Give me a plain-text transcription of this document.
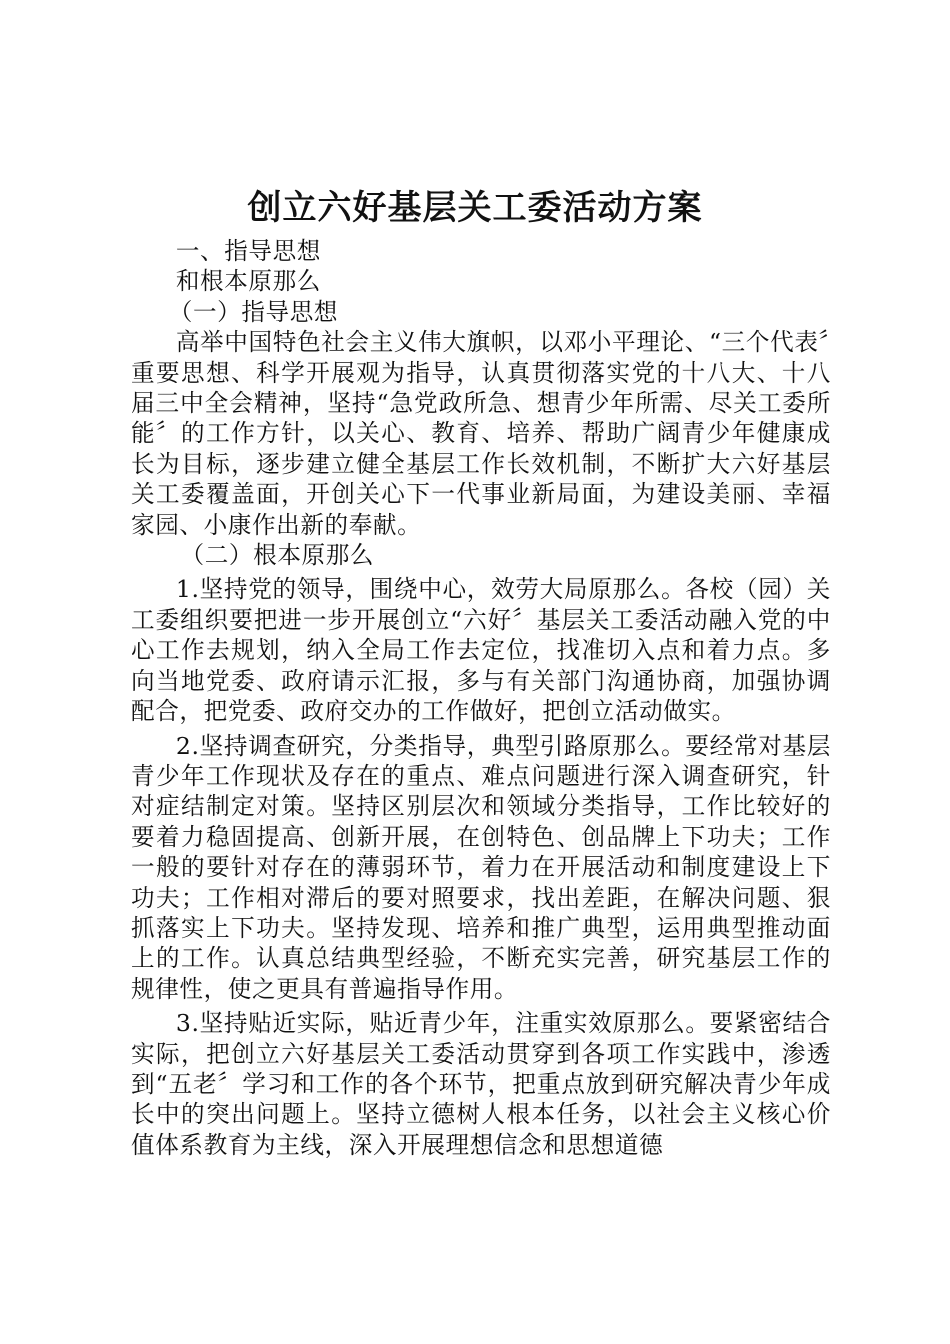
创立六好基层关工委活动方案

一、指导思想

和根本原那么

（一）指导思想

高举中国特色社会主义伟大旗帜，以邓小平理论、“三个代表〞重要思想、科学开展观为指导，认真贯彻落实党的十八大、十八届三中全会精神，坚持“急党政所急、想青少年所需、尽关工委所能〞的工作方针，以关心、教育、培养、帮助广阔青少年健康成长为目标，逐步建立健全基层工作长效机制，不断扩大六好基层关工委覆盖面，开创关心下一代事业新局面，为建设美丽、幸福家园、小康作出新的奉献。

（二）根本原那么

1.坚持党的领导，围绕中心，效劳大局原那么。各校（园）关工委组织要把进一步开展创立“六好〞基层关工委活动融入党的中心工作去规划，纳入全局工作去定位，找准切入点和着力点。多向当地党委、政府请示汇报，多与有关部门沟通协商，加强协调配合，把党委、政府交办的工作做好，把创立活动做实。

2.坚持调查研究，分类指导，典型引路原那么。要经常对基层青少年工作现状及存在的重点、难点问题进行深入调查研究，针对症结制定对策。坚持区别层次和领域分类指导，工作比较好的要着力稳固提高、创新开展，在创特色、创品牌上下功夫；工作一般的要针对存在的薄弱环节，着力在开展活动和制度建设上下功夫；工作相对滞后的要对照要求，找出差距，在解决问题、狠抓落实上下功夫。坚持发现、培养和推广典型，运用典型推动面上的工作。认真总结典型经验，不断充实完善，研究基层工作的规律性，使之更具有普遍指导作用。

3.坚持贴近实际，贴近青少年，注重实效原那么。要紧密结合实际，把创立六好基层关工委活动贯穿到各项工作实践中，渗透到“五老〞学习和工作的各个环节，把重点放到研究解决青少年成长中的突出问题上。坚持立德树人根本任务，以社会主义核心价值体系教育为主线，深入开展理想信念和思想道德
